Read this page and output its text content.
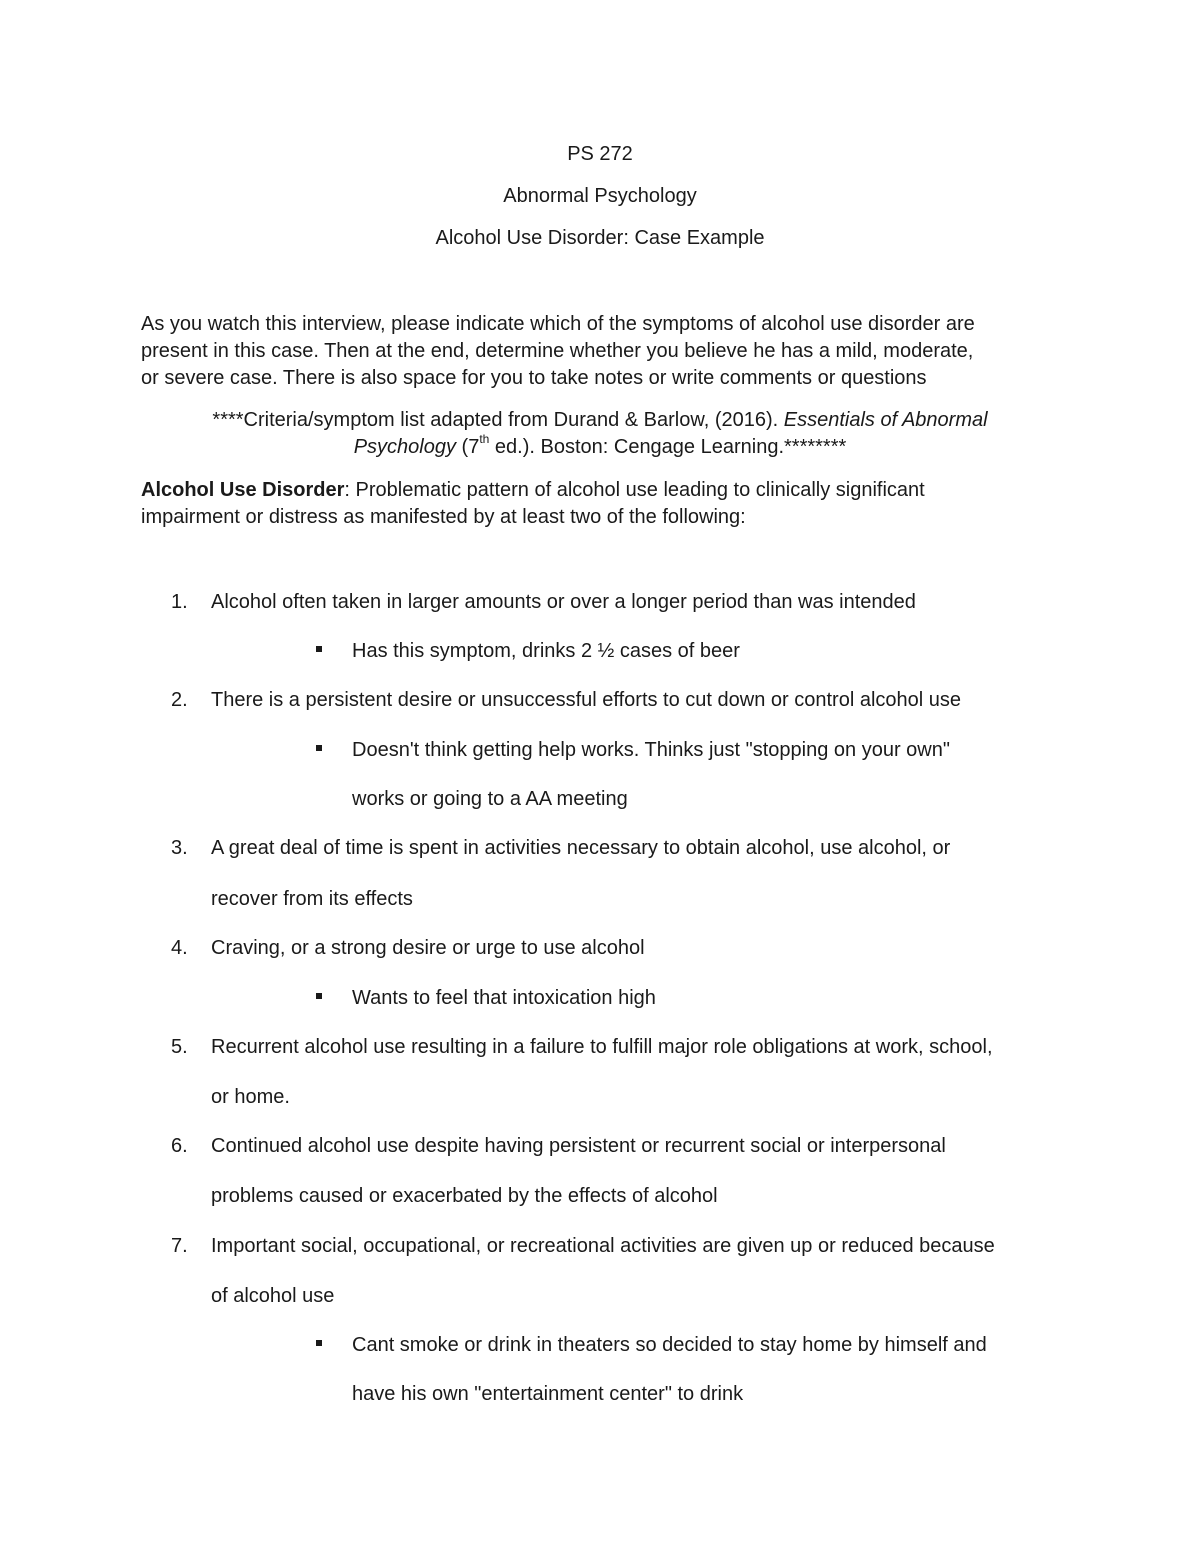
PS 272
Abnormal Psychology
Alcohol Use Disorder: Case Example
As you watch this interview, please indicate which of the symptoms of alcohol use disorder are
present in this case. Then at the end, determine whether you believe he has a mild, moderate,
or severe case. There is also space for you to take notes or write comments or questions
****Criteria/symptom list adapted from Durand & Barlow, (2016). Essentials of Abnormal
Psychology (7th ed.). Boston: Cengage Learning.********
Alcohol Use Disorder: Problematic pattern of alcohol use leading to clinically significant
impairment or distress as manifested by at least two of the following:
1.	Alcohol often taken in larger amounts or over a longer period than was intended
Has this symptom, drinks 2 ½ cases of beer
2.	There is a persistent desire or unsuccessful efforts to cut down or control alcohol use
Doesn't think getting help works. Thinks just "stopping on your own"
works or going to a AA meeting
3.	A great deal of time is spent in activities necessary to obtain alcohol, use alcohol, or
recover from its effects
4.	Craving, or a strong desire or urge to use alcohol
Wants to feel that intoxication high
5.	Recurrent alcohol use resulting in a failure to fulfill major role obligations at work, school,
or home.
6.	Continued alcohol use despite having persistent or recurrent social or interpersonal
problems caused or exacerbated by the effects of alcohol
7.	Important social, occupational, or recreational activities are given up or reduced because
of alcohol use
Cant smoke or drink in theaters so decided to stay home by himself and
have his own "entertainment center" to drink
